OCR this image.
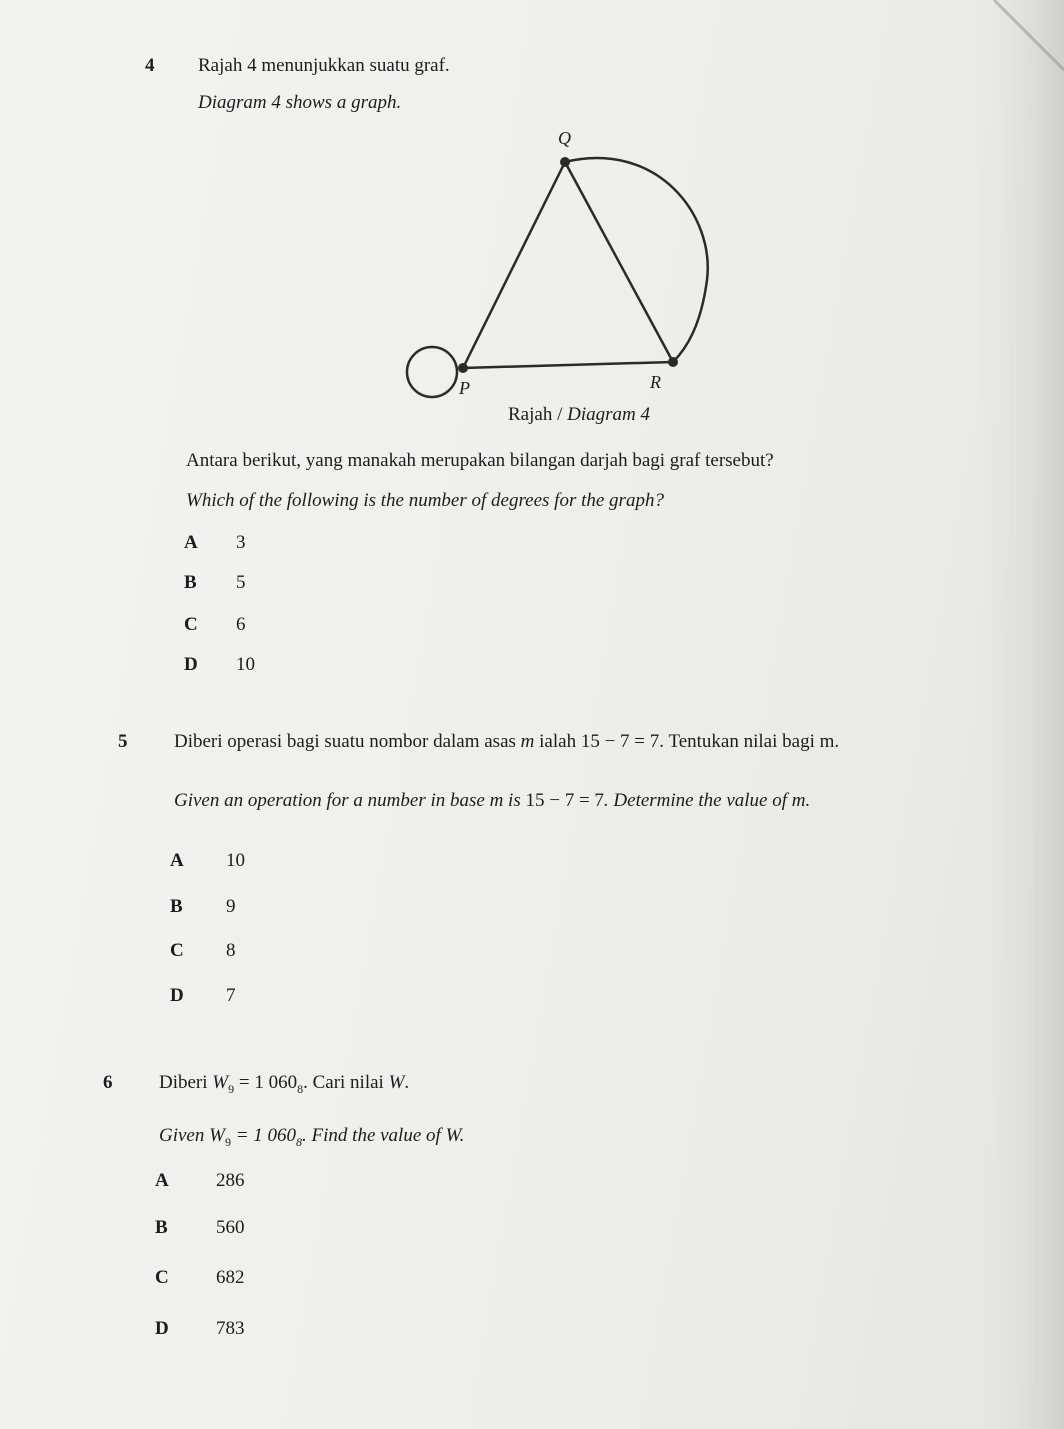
4 Rajah 4 menunjukkan suatu graf.
Diagram 4 shows a graph.
Q
P	R
Rajah / Diagram 4
Antara berikut, yang manakah merupakan bilangan darjah bagi graf tersebut?
Which of the following is the number of degrees for the graph?
A 3
B 5
C 6
D 10
5 Diberi operasi bagi suatu nombor dalam asas m ialah 15 − 7 = 7. Tentukan nilai bagi m.
Given an operation for a number in base m is 15 − 7 = 7. Determine the value of m.
A 10
B 9
C 8
D 7
6 Diberi $W_9 = 1$ $060_8$. Cari nilai W.
Given $W_9 = 1$ $060_8$. Find the value of W.
A 286
B	560
C 682
D 783
